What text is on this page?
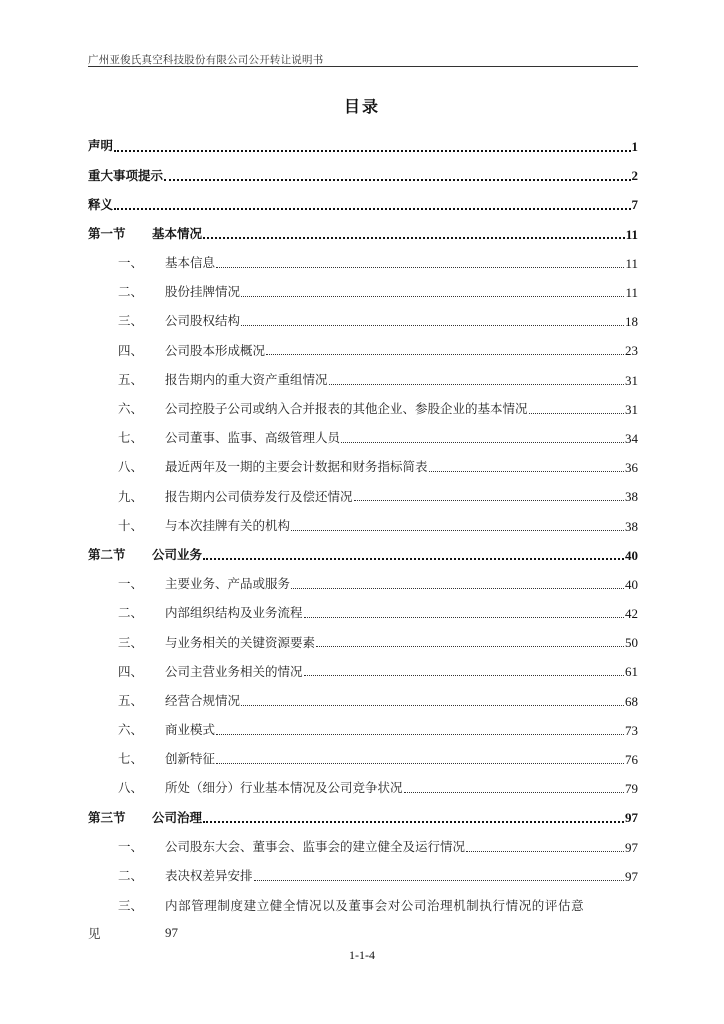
广州亚俊氏真空科技股份有限公司公开转让说明书
目录
声明	1
重大事项提示	2
释义	7
第一节	基本情况	11
一、	基本信息	11
二、	股份挂牌情况	11
三、	公司股权结构	18
四、	公司股本形成概况	23
五、	报告期内的重大资产重组情况	31
六、	公司控股子公司或纳入合并报表的其他企业、参股企业的基本情况	31
七、	公司董事、监事、高级管理人员	34
八、	最近两年及一期的主要会计数据和财务指标简表	36
九、	报告期内公司债券发行及偿还情况	38
十、	与本次挂牌有关的机构	38
第二节	公司业务	40
一、	主要业务、产品或服务	40
二、	内部组织结构及业务流程	42
三、	与业务相关的关键资源要素	50
四、	公司主营业务相关的情况	61
五、	经营合规情况	68
六、	商业模式	73
七、	创新特征	76
八、	所处（细分）行业基本情况及公司竞争状况	79
第三节	公司治理	97
一、	公司股东大会、董事会、监事会的建立健全及运行情况	97
二、	表决权差异安排	97
三、	内部管理制度建立健全情况以及董事会对公司治理机制执行情况的评估意
见	97
1-1-4
